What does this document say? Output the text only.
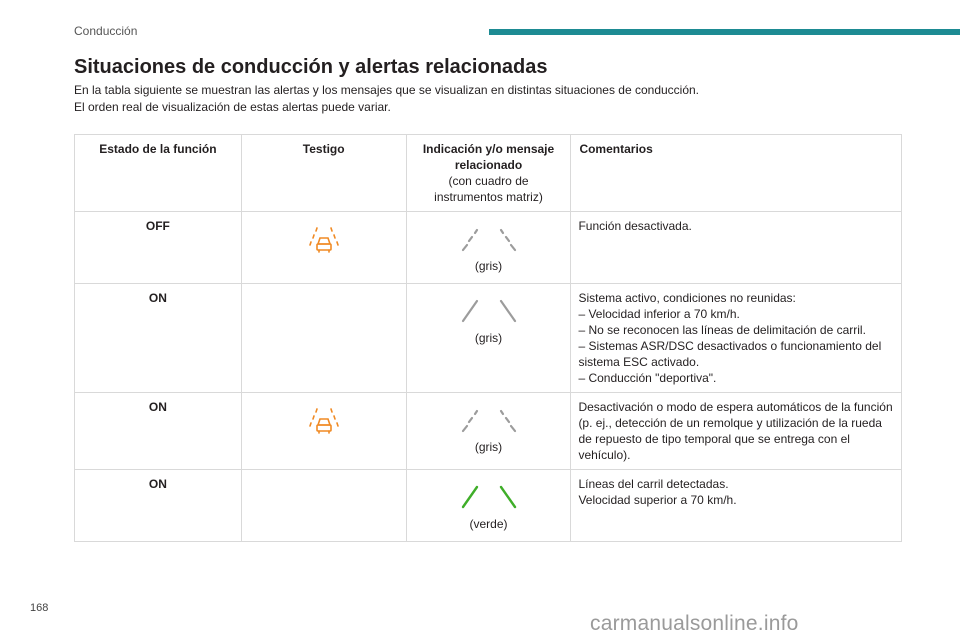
Conducción
Situaciones de conducción y alertas relacionadas

En la tabla siguiente se muestran las alertas y los mensajes que se visualizan en distintas situaciones de conducción.

El orden real de visualización de estas alertas puede variar.

Estado de la función	Testigo	Indicación y/o mensaje relacionado
(con cuadro de instrumentos matriz)	Comentarios
OFF		(gris)	Función desactivada.

ON		(gris)	Sistema activo, condiciones no reunidas:
– Velocidad inferior a 70 km/h.
– No se reconocen las líneas de delimitación de carril.
– Sistemas ASR/DSC desactivados o funcionamiento del sistema ESC activado.
– Conducción "deportiva".

ON		(gris)	Desactivación o modo de espera automáticos de la función (p. ej., detección de un remolque y utilización de la rueda de repuesto de tipo temporal que se entrega con el vehículo).

ON		(verde)	Líneas del carril detectadas.
Velocidad superior a 70 km/h.
168
carmanualsonline.info
